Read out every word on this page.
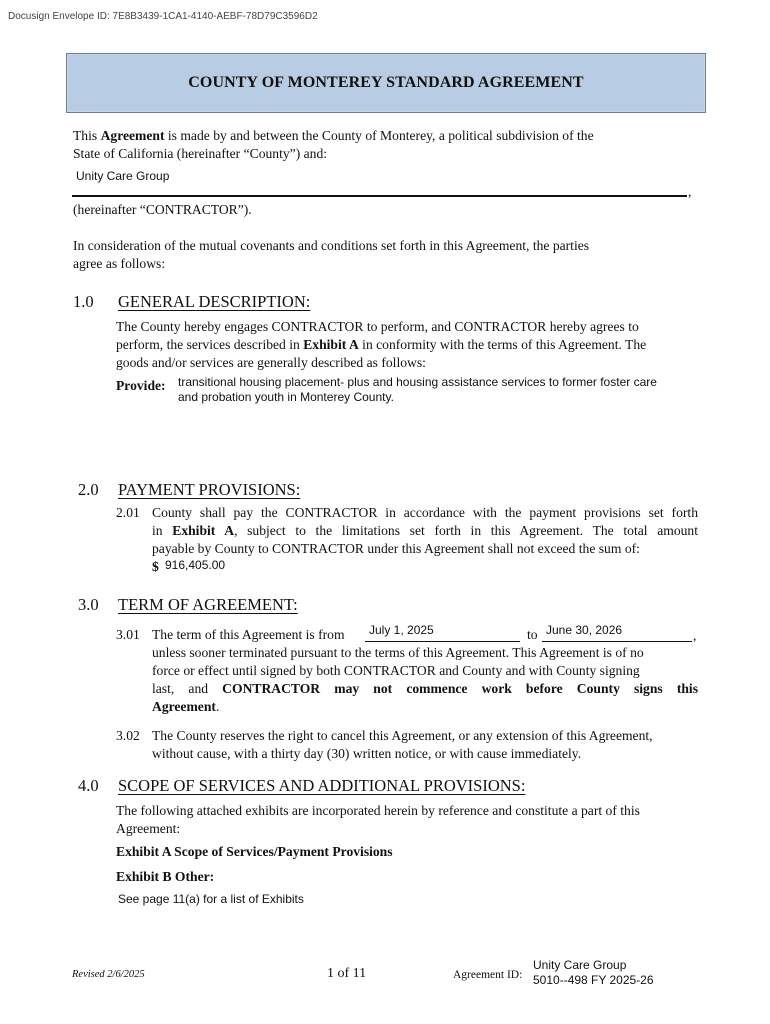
Docusign Envelope ID: 7E8B3439-1CA1-4140-AEBF-78D79C3596D2
COUNTY OF MONTEREY STANDARD AGREEMENT
This Agreement is made by and between the County of Monterey, a political subdivision of the
State of California (hereinafter “County”) and:
Unity Care Group
,
(hereinafter “CONTRACTOR”).
In consideration of the mutual covenants and conditions set forth in this Agreement, the parties
agree as follows:
1.0 GENERAL DESCRIPTION:
The County hereby engages CONTRACTOR to perform, and CONTRACTOR hereby agrees to
perform, the services described in Exhibit A in conformity with the terms of this Agreement. The
goods and/or services are generally described as follows:
Provide: transitional housing placement- plus and housing assistance services to former foster care
and probation youth in Monterey County.
2.0 PAYMENT PROVISIONS:
2.01 County shall pay the CONTRACTOR in accordance with the payment provisions set forth
in Exhibit A, subject to the limitations set forth in this Agreement. The total amount
payable by County to CONTRACTOR under this Agreement shall not exceed the sum of:
$ 916,405.00
3.0 TERM OF AGREEMENT:
3.01 The term of this Agreement is from July 1, 2025	to June 30, 2026	,
unless sooner terminated pursuant to the terms of this Agreement. This Agreement is of no
force or effect until signed by both CONTRACTOR and County and with County signing
last, and CONTRACTOR may not commence work before County signs this
Agreement.
3.02 The County reserves the right to cancel this Agreement, or any extension of this Agreement,
without cause, with a thirty day (30) written notice, or with cause immediately.
4.0 SCOPE OF SERVICES AND ADDITIONAL PROVISIONS:
The following attached exhibits are incorporated herein by reference and constitute a part of this
Agreement:
Exhibit A Scope of Services/Payment Provisions
Exhibit B Other:
See page 11(a) for a list of Exhibits
Revised 2/6/2025	1 of 11	Agreement ID:
Unity Care Group
5010--498 FY 2025-26
